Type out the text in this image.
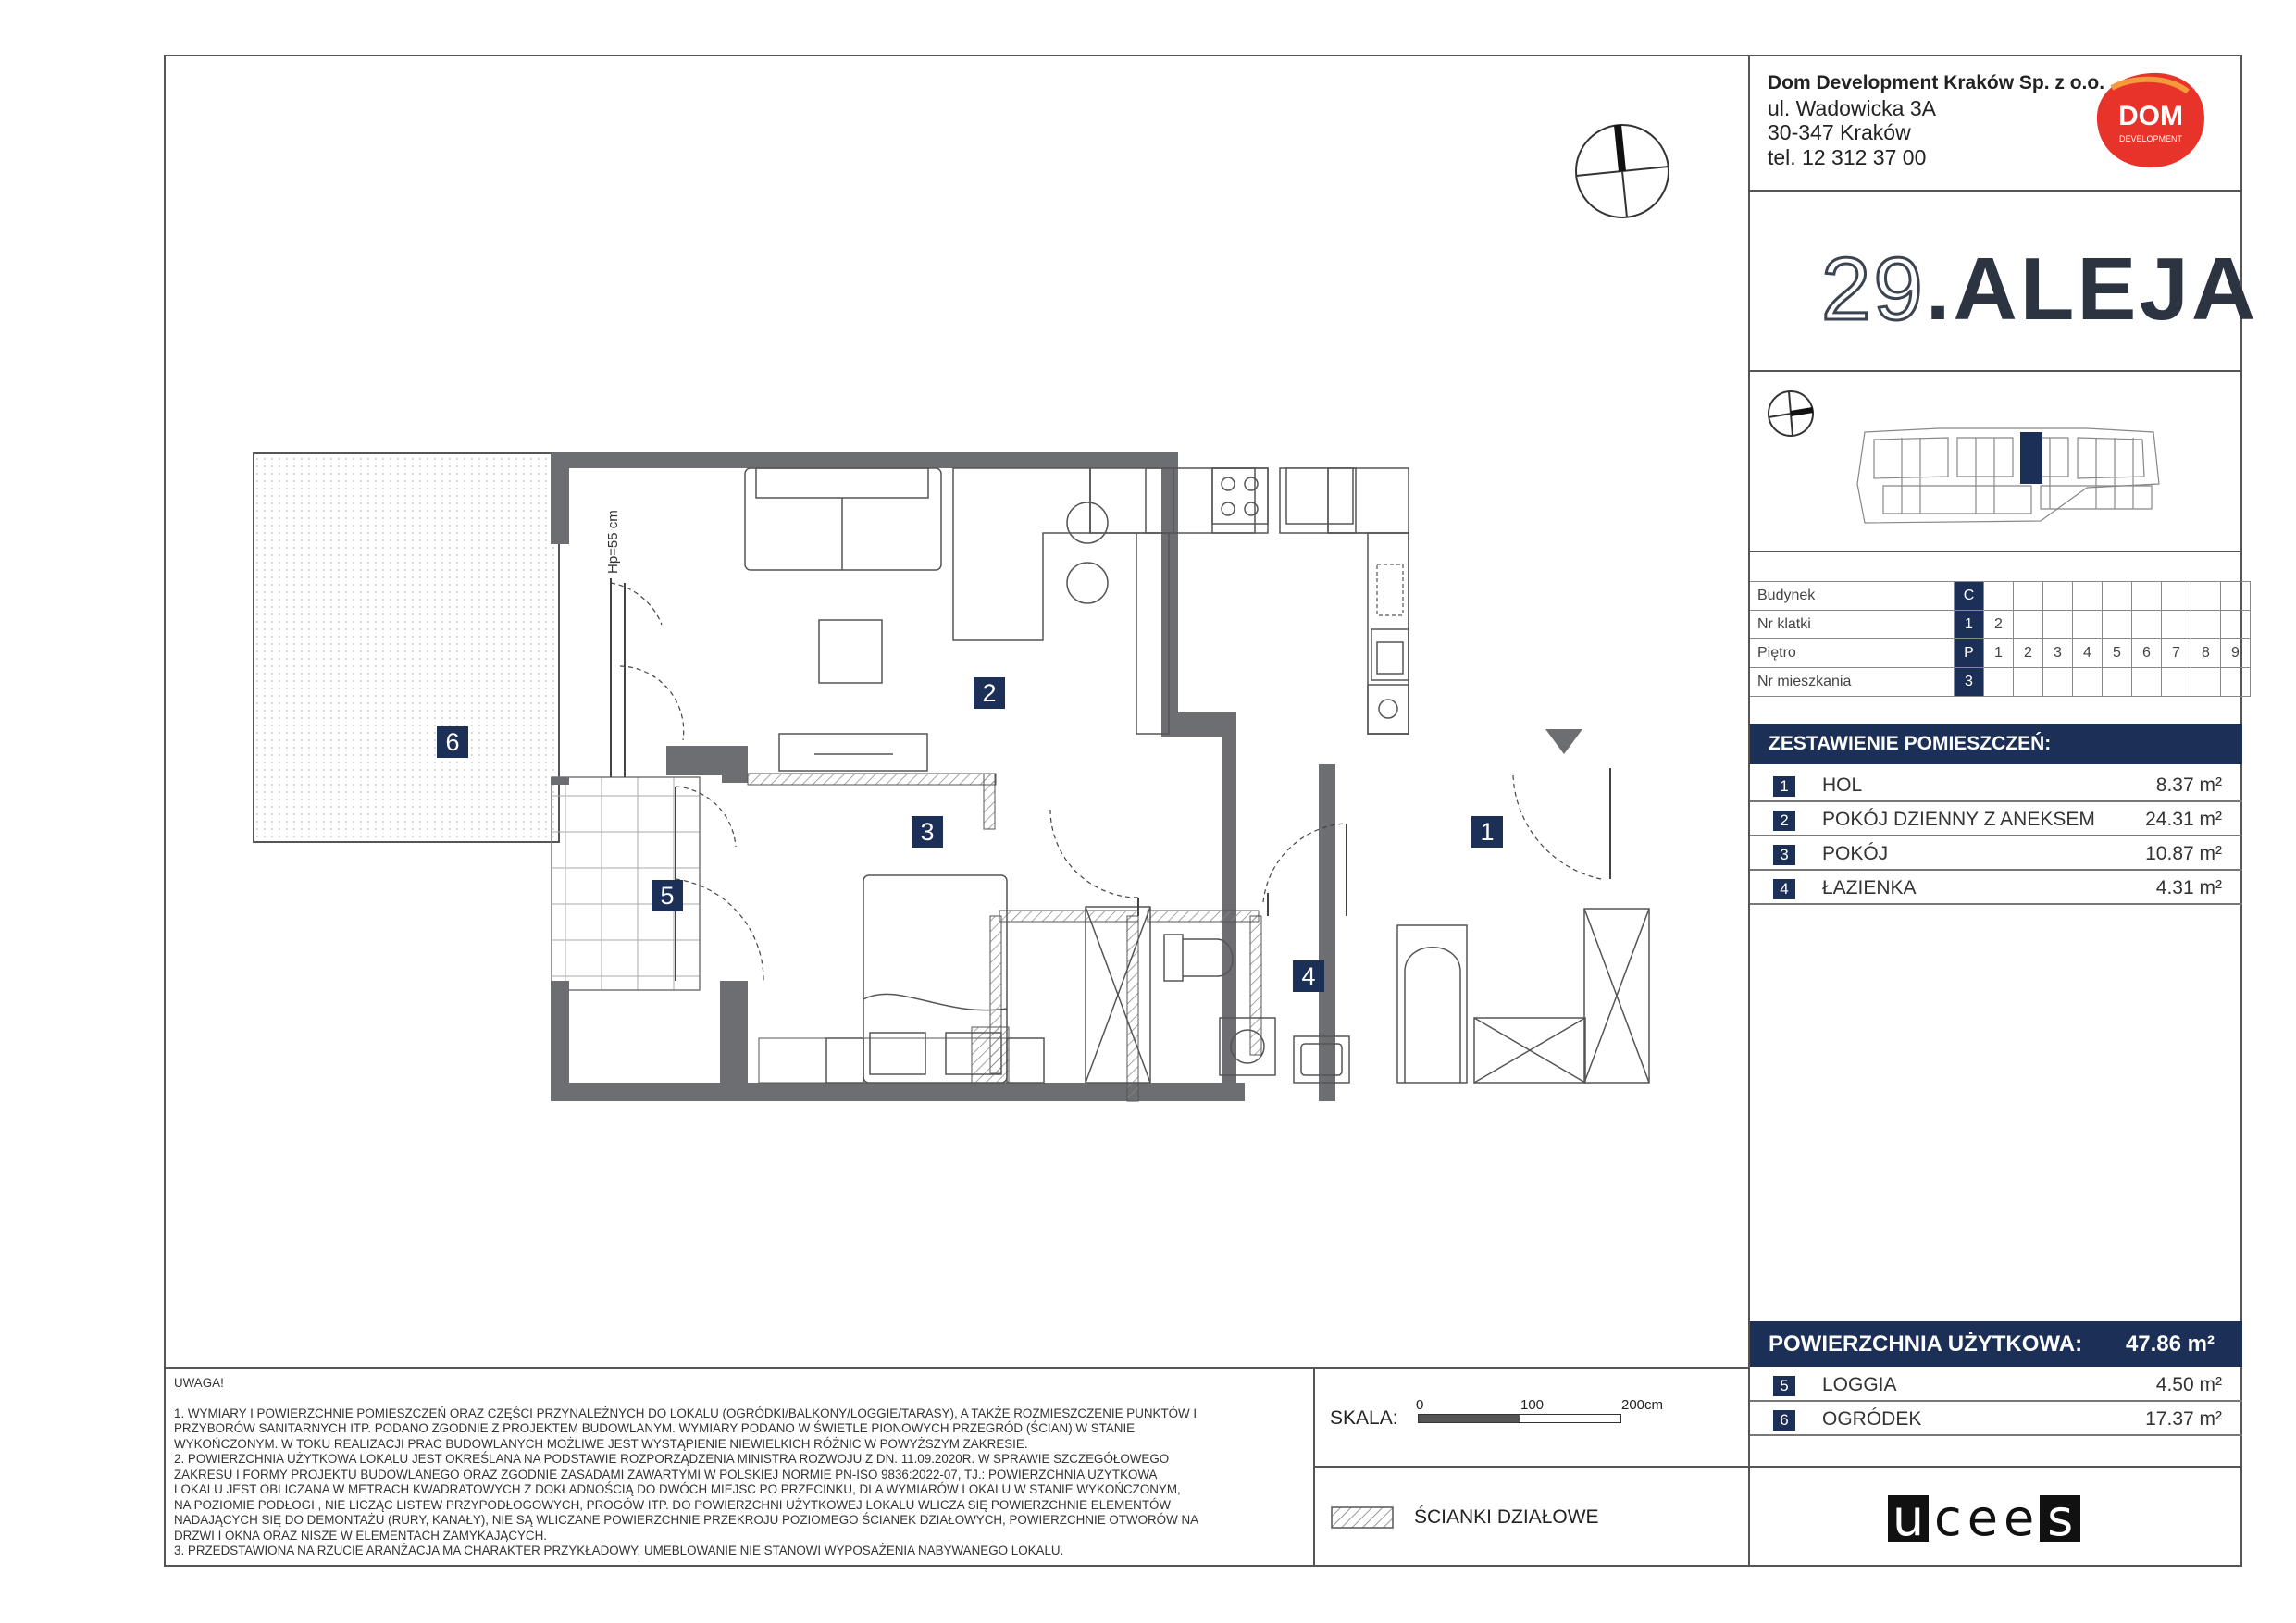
Dom Development Kraków Sp. z o.o.
ul. Wadowicka 3A
30-347 Kraków
tel. 12 312 37 00
DOM
DEVELOPMENT
29.ALEJA
Budynek	C									
Nr klatki	1	2								
Piętro	P	1	2	3	4	5	6	7	8	9
Nr mieszkania	3									
ZESTAWIENIE POMIESZCZEŃ:
1	HOL	8.37 m²
2	POKÓJ DZIENNY Z ANEKSEM	24.31 m²
3	POKÓJ	10.87 m²
4	ŁAZIENKA	4.31 m²
POWIERZCHNIA UŻYTKOWA: 47.86 m²
5	LOGGIA	4.50 m²
6	OGRÓDEK	17.37 m²

UWAGA!

1. WYMIARY I POWIERZCHNIE POMIESZCZEŃ ORAZ CZĘŚCI PRZYNALEŻNYCH DO LOKALU (OGRÓDKI/BALKONY/LOGGIE/TARASY), A TAKŻE ROZMIESZCZENIE PUNKTÓW I

PRZYBORÓW SANITARNYCH ITP. PODANO ZGODNIE Z PROJEKTEM BUDOWLANYM. WYMIARY PODANO W ŚWIETLE PIONOWYCH PRZEGRÓD (ŚCIAN) W STANIE

WYKOŃCZONYM. W TOKU REALIZACJI PRAC BUDOWLANYCH MOŻLIWE JEST WYSTĄPIENIE NIEWIELKICH RÓŻNIC W POWYŻSZYM ZAKRESIE.

2. POWIERZCHNIA UŻYTKOWA LOKALU JEST OKREŚLANA NA PODSTAWIE ROZPORZĄDZENIA MINISTRA ROZWOJU Z DN. 11.09.2020R. W SPRAWIE SZCZEGÓŁOWEGO

ZAKRESU I FORMY PROJEKTU BUDOWLANEGO ORAZ ZGODNIE ZASADAMI ZAWARTYMI W POLSKIEJ NORMIE PN-ISO 9836:2022-07, TJ.: POWIERZCHNIA UŻYTKOWA

LOKALU JEST OBLICZANA W METRACH KWADRATOWYCH Z DOKŁADNOŚCIĄ DO DWÓCH MIEJSC PO PRZECINKU, DLA WYMIARÓW LOKALU W STANIE WYKOŃCZONYM,

NA POZIOMIE PODŁOGI , NIE LICZĄC LISTEW PRZYPODŁOGOWYCH, PROGÓW ITP. DO POWIERZCHNI UŻYTKOWEJ LOKALU WLICZA SIĘ POWIERZCHNIE ELEMENTÓW

NADAJĄCYCH SIĘ DO DEMONTAŻU (RURY, KANAŁY), NIE SĄ WLICZANE POWIERZCHNIE PRZEKROJU POZIOMEGO ŚCIANEK DZIAŁOWYCH, POWIERZCHNIE OTWORÓW NA

DRZWI I OKNA ORAZ NISZE W ELEMENTACH ZAMYKAJĄCYCH.

3. PRZEDSTAWIONA NA RZUCIE ARANŻACJA MA CHARAKTER PRZYKŁADOWY, UMEBLOWANIE NIE STANOWI WYPOSAŻENIA NABYWANEGO LOKALU.

SKALA:
0	100	200cm
ŚCIANKI DZIAŁOWE	u c e e s
Hp=55 cm
1
2
3
4
5
6
